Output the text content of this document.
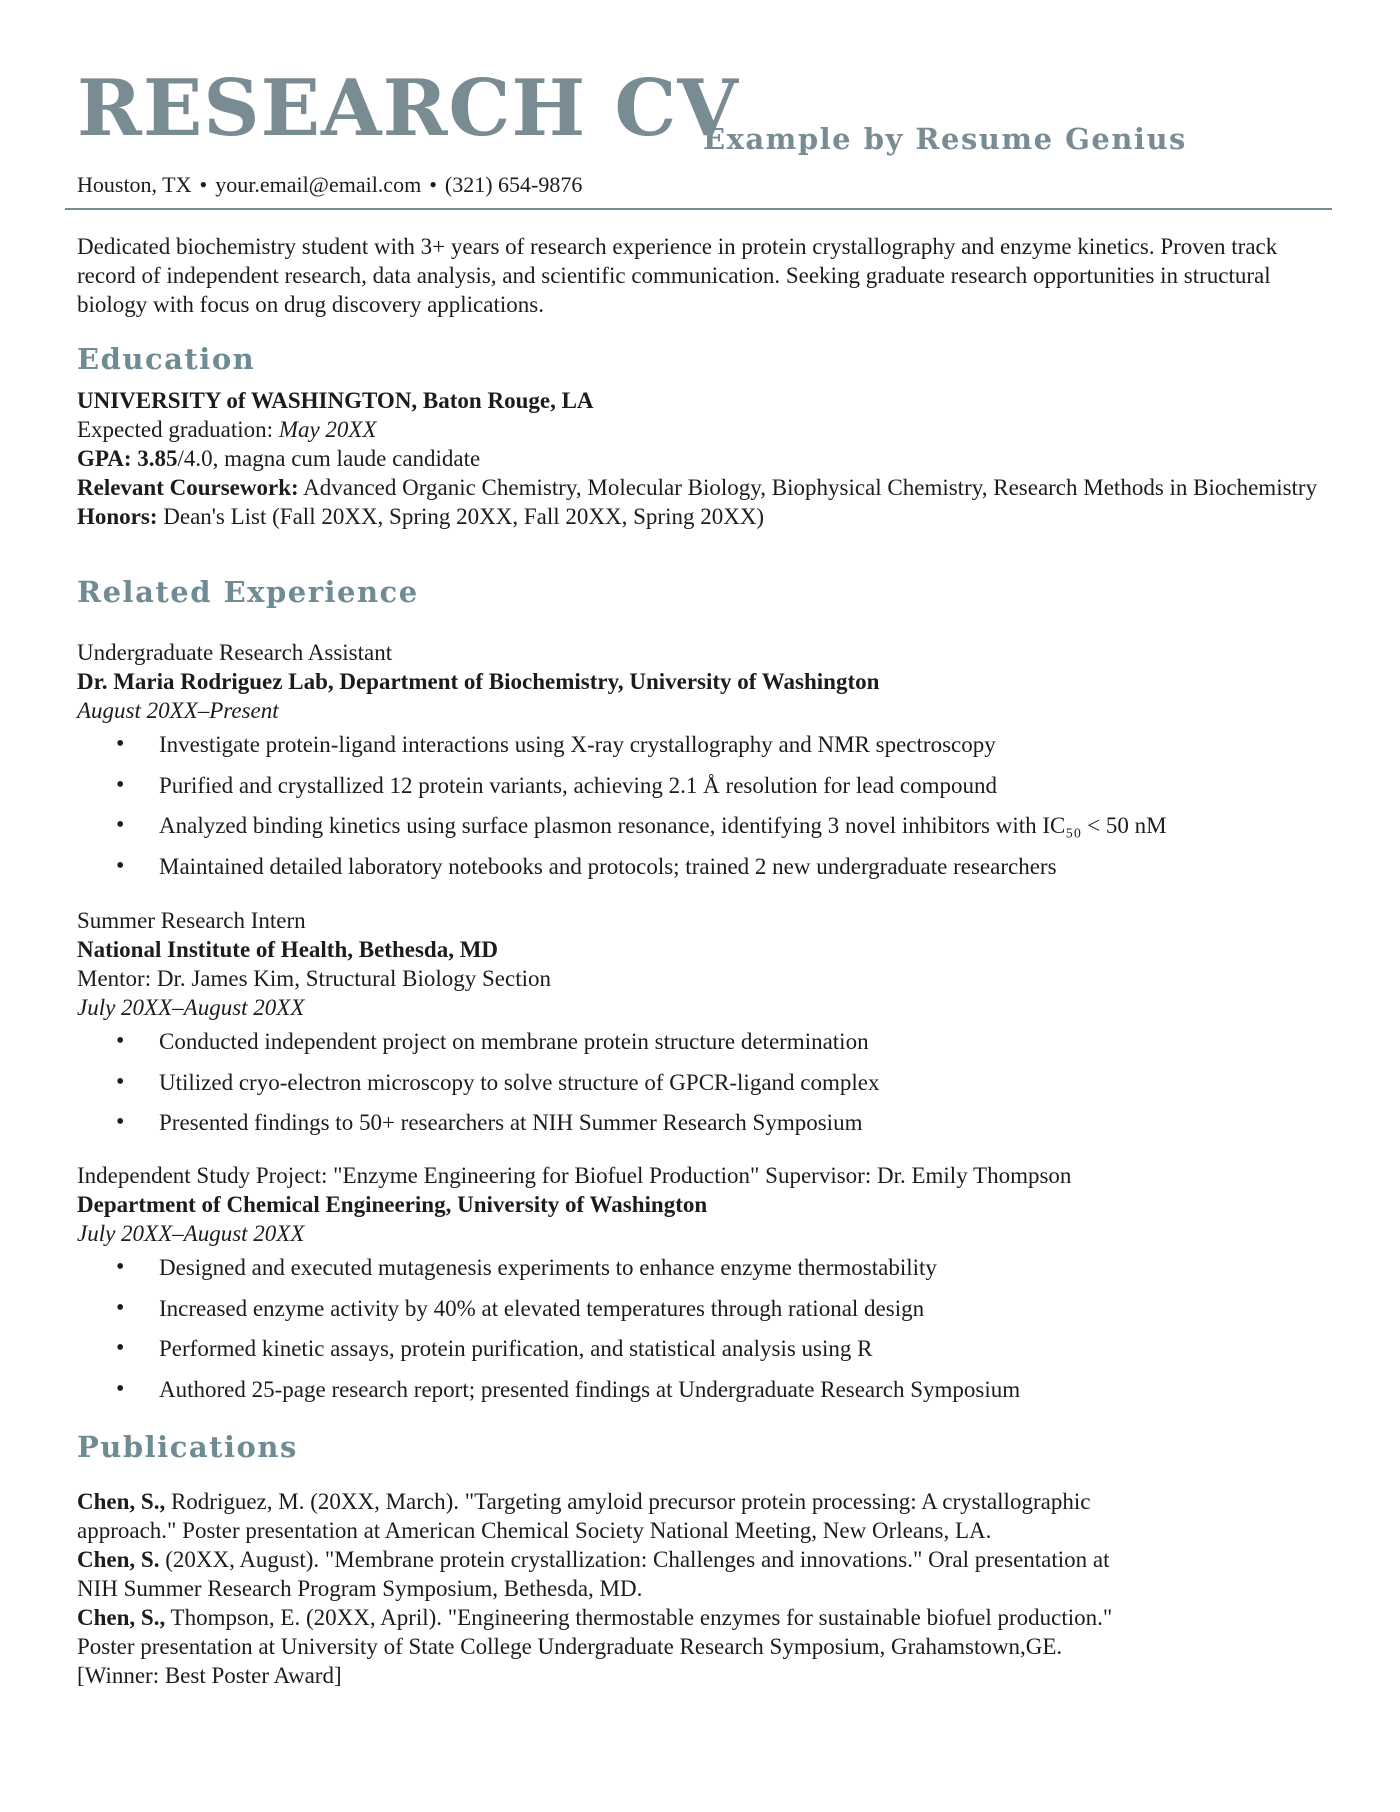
RESEARCH CV
Example by Resume Genius
Houston, TX • your.email@email.com • (321) 654-9876
Dedicated biochemistry student with 3+ years of research experience in protein crystallography and enzyme kinetics. Proven track record of independent research, data analysis, and scientific communication. Seeking graduate research opportunities in structural biology with focus on drug discovery applications.
Education
UNIVERSITY of WASHINGTON, Baton Rouge, LA
Expected graduation: May 20XX
GPA: 3.85/4.0, magna cum laude candidate
Relevant Coursework: Advanced Organic Chemistry, Molecular Biology, Biophysical Chemistry, Research Methods in Biochemistry
Honors: Dean's List (Fall 20XX, Spring 20XX, Fall 20XX, Spring 20XX)
Related Experience
Undergraduate Research Assistant
Dr. Maria Rodriguez Lab, Department of Biochemistry, University of Washington
August 20XX–Present
• Investigate protein-ligand interactions using X-ray crystallography and NMR spectroscopy
• Purified and crystallized 12 protein variants, achieving 2.1 Å resolution for lead compound
• Analyzed binding kinetics using surface plasmon resonance, identifying 3 novel inhibitors with IC₅₀ < 50 nM
• Maintained detailed laboratory notebooks and protocols; trained 2 new undergraduate researchers
Summer Research Intern
National Institute of Health, Bethesda, MD
Mentor: Dr. James Kim, Structural Biology Section
July 20XX–August 20XX
• Conducted independent project on membrane protein structure determination
• Utilized cryo-electron microscopy to solve structure of GPCR-ligand complex
• Presented findings to 50+ researchers at NIH Summer Research Symposium
Independent Study Project: "Enzyme Engineering for Biofuel Production" Supervisor: Dr. Emily Thompson
Department of Chemical Engineering, University of Washington
July 20XX–August 20XX
• Designed and executed mutagenesis experiments to enhance enzyme thermostability
• Increased enzyme activity by 40% at elevated temperatures through rational design
• Performed kinetic assays, protein purification, and statistical analysis using R
• Authored 25-page research report; presented findings at Undergraduate Research Symposium
Publications

Chen, S., Rodriguez, M. (20XX, March). "Targeting amyloid precursor protein processing: A crystallographic approach." Poster presentation at American Chemical Society National Meeting, New Orleans, LA.

Chen, S. (20XX, August). "Membrane protein crystallization: Challenges and innovations." Oral presentation at NIH Summer Research Program Symposium, Bethesda, MD.

Chen, S., Thompson, E. (20XX, April). "Engineering thermostable enzymes for sustainable biofuel production." Poster presentation at University of State College Undergraduate Research Symposium, Grahamstown,GE. [Winner: Best Poster Award]
